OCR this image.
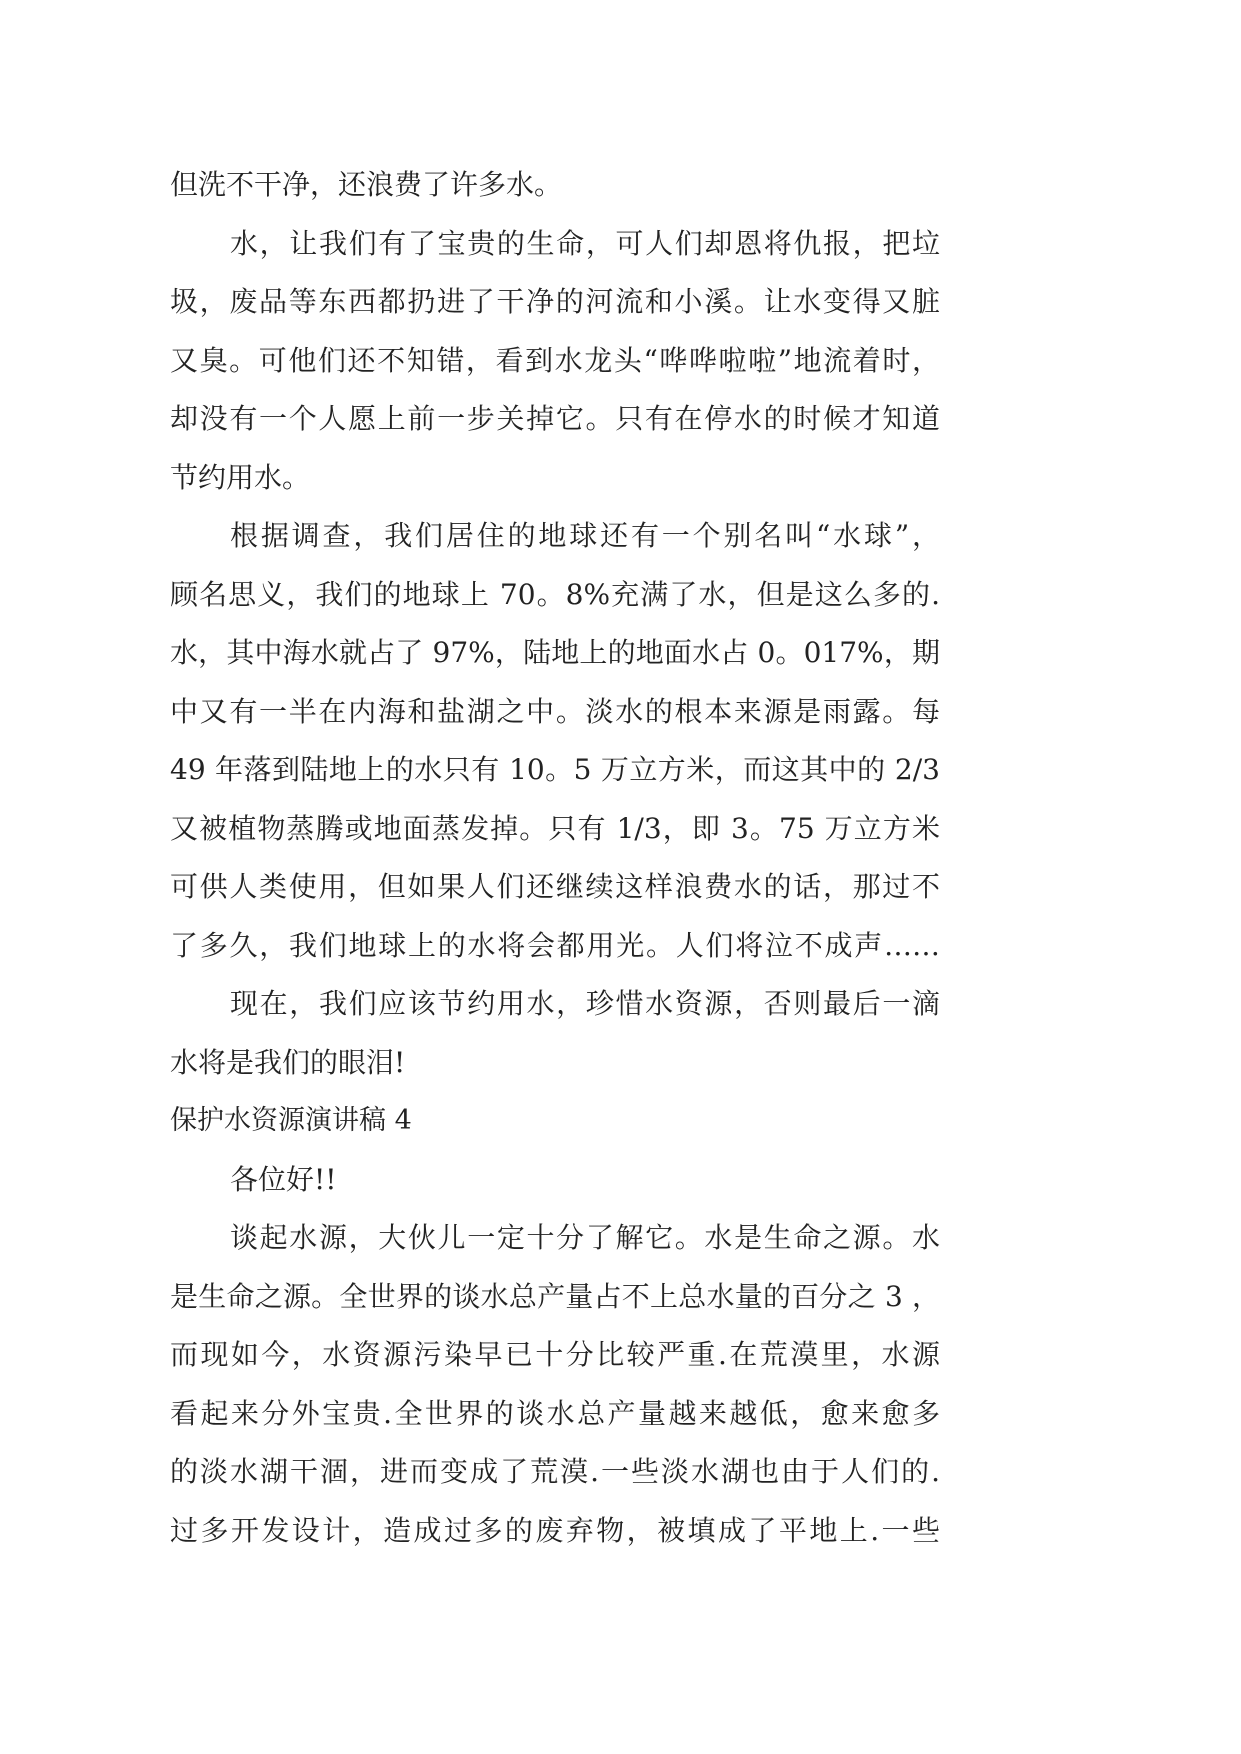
但洗不干净，还浪费了许多水。
水，让我们有了宝贵的生命，可人们却恩将仇报，把垃
圾，废品等东西都扔进了干净的河流和小溪。让水变得又脏
又臭。可他们还不知错，看到水龙头“哗哗啦啦”地流着时，
却没有一个人愿上前一步关掉它。只有在停水的时候才知道
节约用水。
根据调查，我们居住的地球还有一个别名叫“水球”，
顾名思义，我们的地球上 70。8%充满了水，但是这么多的.
水，其中海水就占了 97%，陆地上的地面水占 0。017%，期
中又有一半在内海和盐湖之中。淡水的根本来源是雨露。每
49 年落到陆地上的水只有 10。5 万立方米，而这其中的 2/3
又被植物蒸腾或地面蒸发掉。只有 1/3，即 3。75 万立方米
可供人类使用，但如果人们还继续这样浪费水的话，那过不
了多久，我们地球上的水将会都用光。人们将泣不成声……
现在，我们应该节约用水，珍惜水资源，否则最后一滴
水将是我们的眼泪!
保护水资源演讲稿 4
各位好!!
谈起水源，大伙儿一定十分了解它。水是生命之源。水
是生命之源。全世界的谈水总产量占不上总水量的百分之 3 ，
而现如今，水资源污染早已十分比较严重.在荒漠里，水源
看起来分外宝贵.全世界的谈水总产量越来越低，愈来愈多
的淡水湖干涸，进而变成了荒漠.一些淡水湖也由于人们的.
过多开发设计，造成过多的废弃物，被填成了平地上.一些
